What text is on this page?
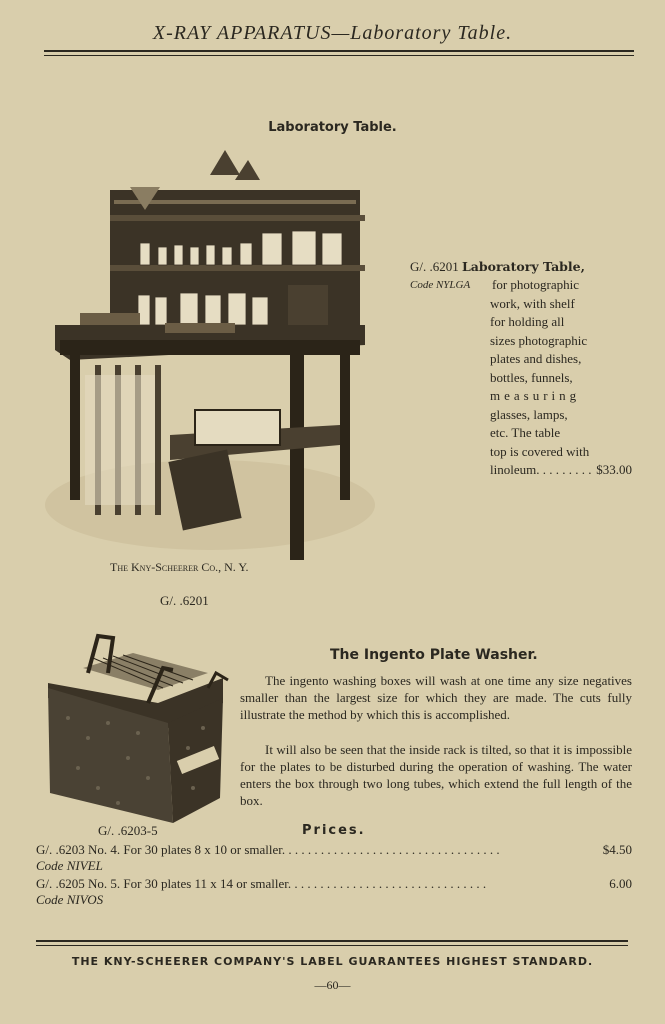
X-RAY APPARATUS—Laboratory Table.
Laboratory Table.
The Kny-Scheerer Co., N. Y.
G/. .6201
G/. .6201 Laboratory Table,
Code NYLGA for photographic
work, with shelf
for holding all
sizes photographic
plates and dishes,
bottles, funnels,
measuring
glasses, lamps,
etc. The table
top is covered with
linoleum. . . . . . . . . $33.00
G/. .6203-5
The Ingento Plate Washer.
The ingento washing boxes will wash at one time any size negatives smaller than the largest size for which they are made. The cuts fully illustrate the method by which this is accomplished.
It will also be seen that the inside rack is tilted, so that it is impossible for the plates to be disturbed during the operation of washing. The water enters the box through two long tubes, which extend the full length of the box.
Prices.
G/. .6203 No. 4. For 30 plates 8 x 10 or smaller. . . . . . . . . . . . . . . . . . . . . . . . . . . . . . . . . .	$4.50
Code NIVEL
G/. .6205 No. 5. For 30 plates 11 x 14 or smaller. . . . . . . . . . . . . . . . . . . . . . . . . . . . . . .	6.00
Code NIVOS
THE KNY-SCHEERER COMPANY'S LABEL GUARANTEES HIGHEST STANDARD.
—60—
